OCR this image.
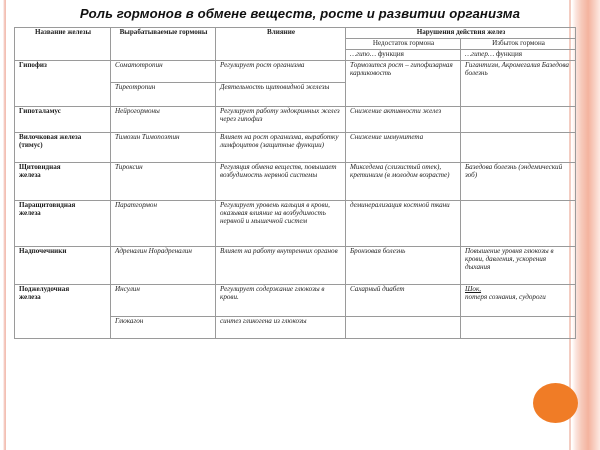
Роль гормонов в обмене веществ, росте и развитии организма
Название железы	Вырабатываемые гормоны	Влияние	Нарушения действия желез	
			Недостаток гормона	Избыток гормона
			…гипо… функция	…гипер… функция
Гипофиз	Соматотропин	Регулирует рост организма	Тормозится рост – гипофизарная карликовость	Гигантизм, Акромегалия Базедова болезнь
	Тиреотропин	Деятельность щитовидной железы		
Гипоталамус	Нейрогормоны	Регулирует работу эндокринных желез через гипофиз	Снижение активности желез	
Вилочковая железа
(тимус)	Тимозин Тимопоэтин	Влияет на рост организма, выработку лимфоцитов (защитные функции)	Снижение иммунитета	
Щитовидная
железа	Тироксин	Регуляция обмена веществ, повышает возбудимость нервной системы	Микседема (слизистый отек), кретинизм (в молодом возрасте)	Базедова болезнь (эндемический зоб)
Паращитовидная
железа	Паратгормон	Регулирует уровень кальция в крови, оказывая влияние на возбудимость нервной и мышечной систем	деминерализация костной ткани	
Надпочечники	Адреналин Норадреналин	Влияет на работу внутренних органов	Бронзовая болезнь	Повышение уровня глюкозы в крови, давления, ускорения дыхания
Поджелудочная
железа	Инсулин	Регулирует содержание глюкозы в крови.	Сахарный диабет	Шок,
потеря сознания, судороги

	Глюкагон	синтез гликогена из глюкозы		
